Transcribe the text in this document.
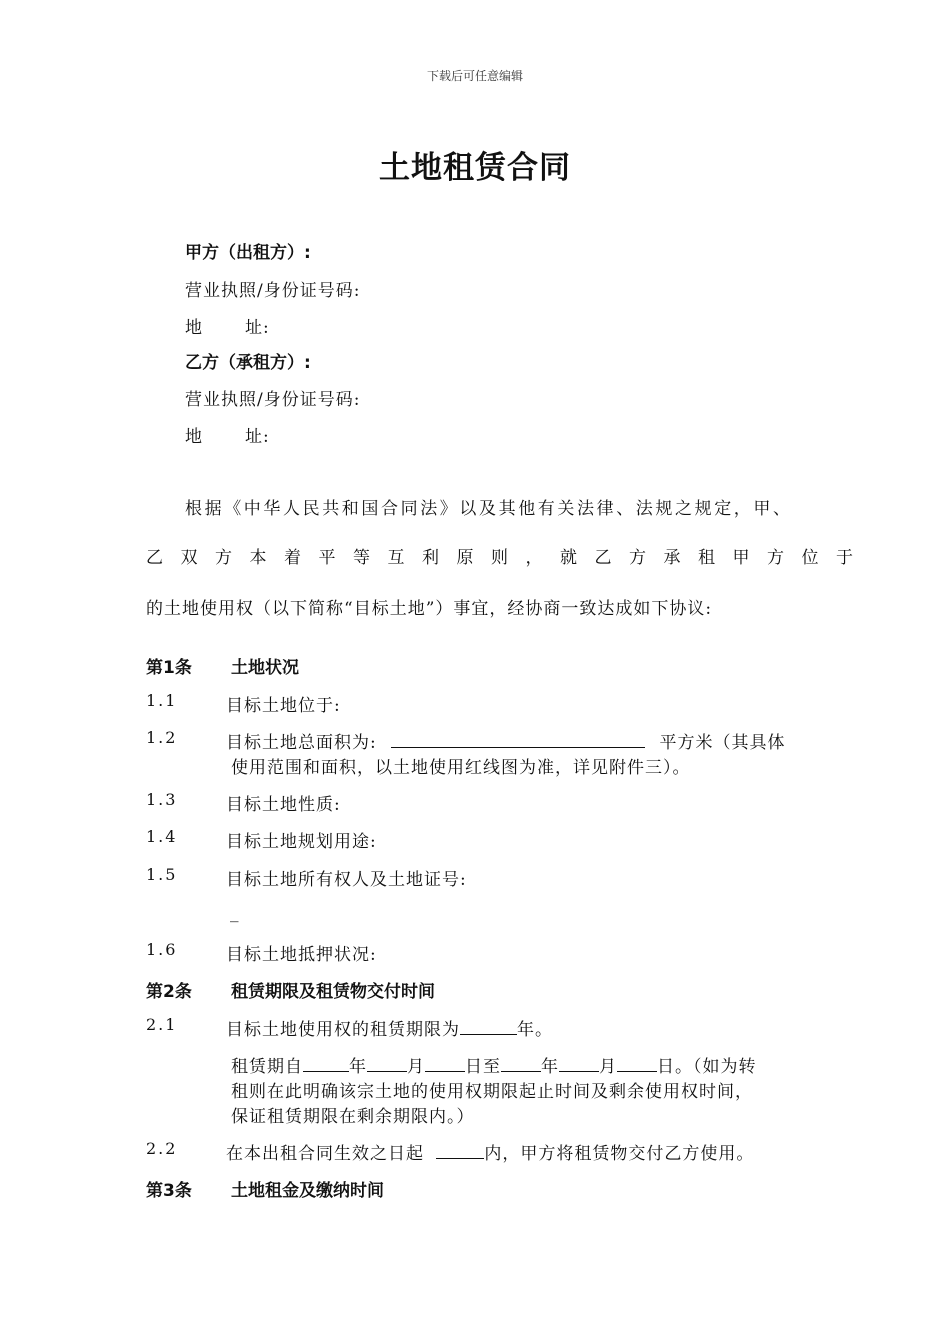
下载后可任意编辑
土地租赁合同
甲方（出租方）:
营业执照/身份证号码:
地 址:
乙方（承租方）:
营业执照/身份证号码:
地 址:
根据《中华人民共和国合同法》以及其他有关法律、法规之规定，甲、
乙双方本着平等互利原则，就乙方承租甲方位于
的土地使用权（以下简称“目标土地”）事宜，经协商一致达成如下协议:
第1条 土地状况
1.1	目标土地位于:
1.2	目标土地总面积为:	平方米（其具体
使用范围和面积，以土地使用红线图为准，详见附件三）。
1.3	目标土地性质:
1.4	目标土地规划用途:
1.5	目标土地所有权人及土地证号:
_
1.6	目标土地抵押状况:
第2条 租赁期限及租赁物交付时间
2.1	目标土地使用权的租赁期限为	年。
租赁期自	年 月 日至 年 月 日。（如为转
租则在此明确该宗土地的使用权期限起止时间及剩余使用权时间，
保证租赁期限在剩余期限内。）
2.2	在本出租合同生效之日起	内，甲方将租赁物交付乙方使用。
第3条 土地租金及缴纳时间
